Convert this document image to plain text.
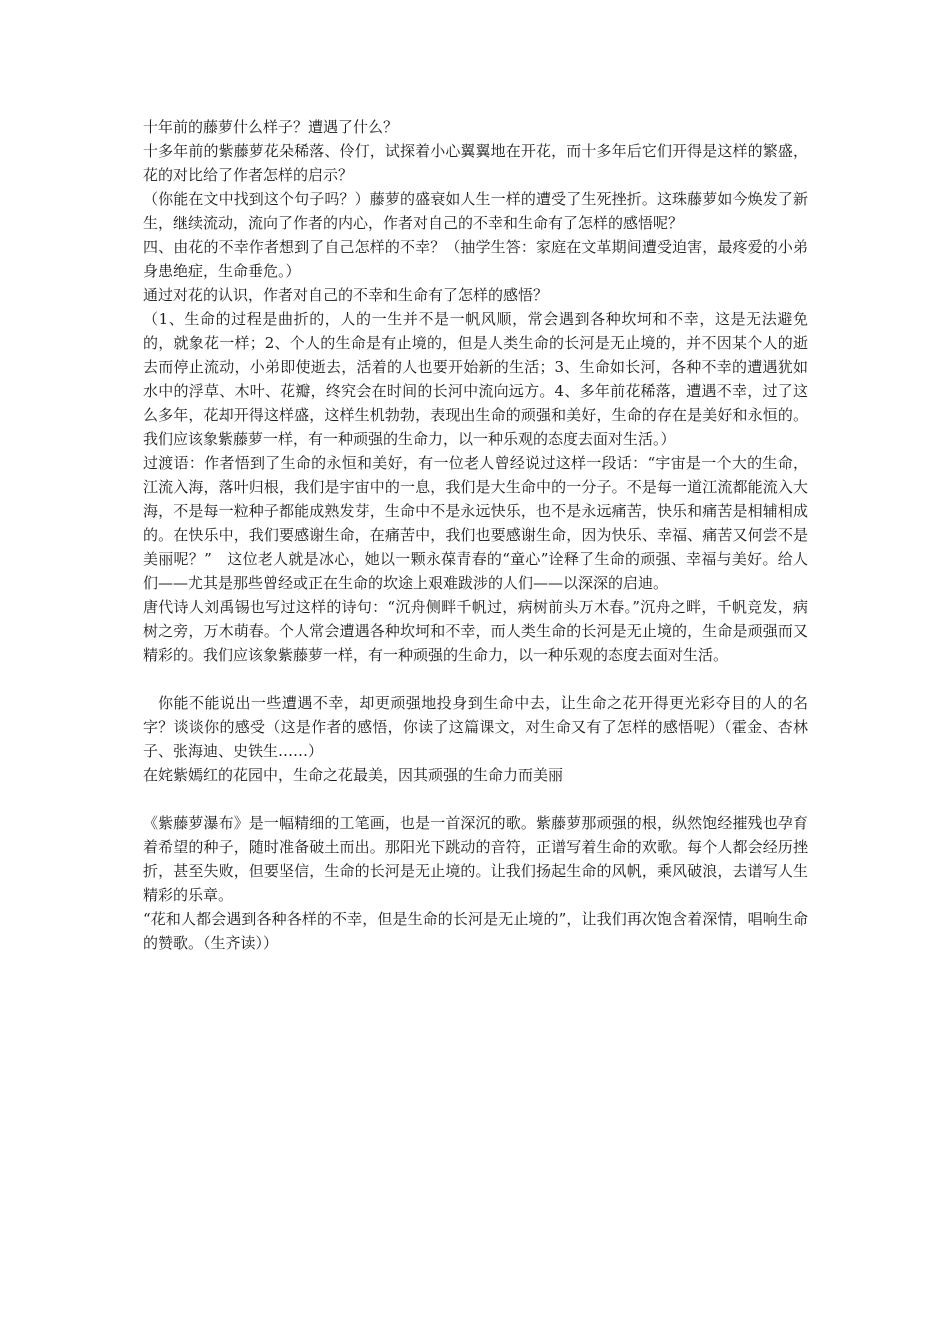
十年前的藤萝什么样子？遭遇了什么？

十多年前的紫藤萝花朵稀落、伶仃，试探着小心翼翼地在开花，而十多年后它们开得是这样的繁盛，花的对比给了作者怎样的启示？

（你能在文中找到这个句子吗？）藤萝的盛衰如人生一样的遭受了生死挫折。这珠藤萝如今焕发了新生，继续流动，流向了作者的内心，作者对自己的不幸和生命有了怎样的感悟呢？

四、由花的不幸作者想到了自己怎样的不幸？（抽学生答：家庭在文革期间遭受迫害，最疼爱的小弟身患绝症，生命垂危。）

通过对花的认识，作者对自己的不幸和生命有了怎样的感悟？

（1、生命的过程是曲折的，人的一生并不是一帆风顺，常会遇到各种坎坷和不幸，这是无法避免的，就象花一样；2、个人的生命是有止境的，但是人类生命的长河是无止境的，并不因某个人的逝去而停止流动，小弟即使逝去，活着的人也要开始新的生活；3、生命如长河，各种不幸的遭遇犹如水中的浮草、木叶、花瓣，终究会在时间的长河中流向远方。4、多年前花稀落，遭遇不幸，过了这么多年，花却开得这样盛，这样生机勃勃，表现出生命的顽强和美好，生命的存在是美好和永恒的。我们应该象紫藤萝一样，有一种顽强的生命力，以一种乐观的态度去面对生活。）

过渡语：作者悟到了生命的永恒和美好，有一位老人曾经说过这样一段话：“宇宙是一个大的生命，江流入海，落叶归根，我们是宇宙中的一息，我们是大生命中的一分子。不是每一道江流都能流入大海，不是每一粒种子都能成熟发芽，生命中不是永远快乐，也不是永远痛苦，快乐和痛苦是相辅相成的。在快乐中，我们要感谢生命，在痛苦中，我们也要感谢生命，因为快乐、幸福、痛苦又何尝不是美丽呢？”　这位老人就是冰心，她以一颗永葆青春的“童心”诠释了生命的顽强、幸福与美好。给人们——尤其是那些曾经或正在生命的坎途上艰难跋涉的人们——以深深的启迪。

唐代诗人刘禹锡也写过这样的诗句：“沉舟侧畔千帆过，病树前头万木春。”沉舟之畔，千帆竞发，病树之旁，万木萌春。个人常会遭遇各种坎坷和不幸，而人类生命的长河是无止境的，生命是顽强而又精彩的。我们应该象紫藤萝一样，有一种顽强的生命力，以一种乐观的态度去面对生活。

你能不能说出一些遭遇不幸，却更顽强地投身到生命中去，让生命之花开得更光彩夺目的人的名字？谈谈你的感受（这是作者的感悟，你读了这篇课文，对生命又有了怎样的感悟呢）（霍金、杏林子、张海迪、史铁生……）

在姹紫嫣红的花园中，生命之花最美，因其顽强的生命力而美丽

《紫藤萝瀑布》是一幅精细的工笔画，也是一首深沉的歌。紫藤萝那顽强的根，纵然饱经摧残也孕育着希望的种子，随时准备破土而出。那阳光下跳动的音符，正谱写着生命的欢歌。每个人都会经历挫折，甚至失败，但要坚信，生命的长河是无止境的。让我们扬起生命的风帆，乘风破浪，去谱写人生精彩的乐章。

“花和人都会遇到各种各样的不幸，但是生命的长河是无止境的”，让我们再次饱含着深情，唱响生命的赞歌。（生齐读））
